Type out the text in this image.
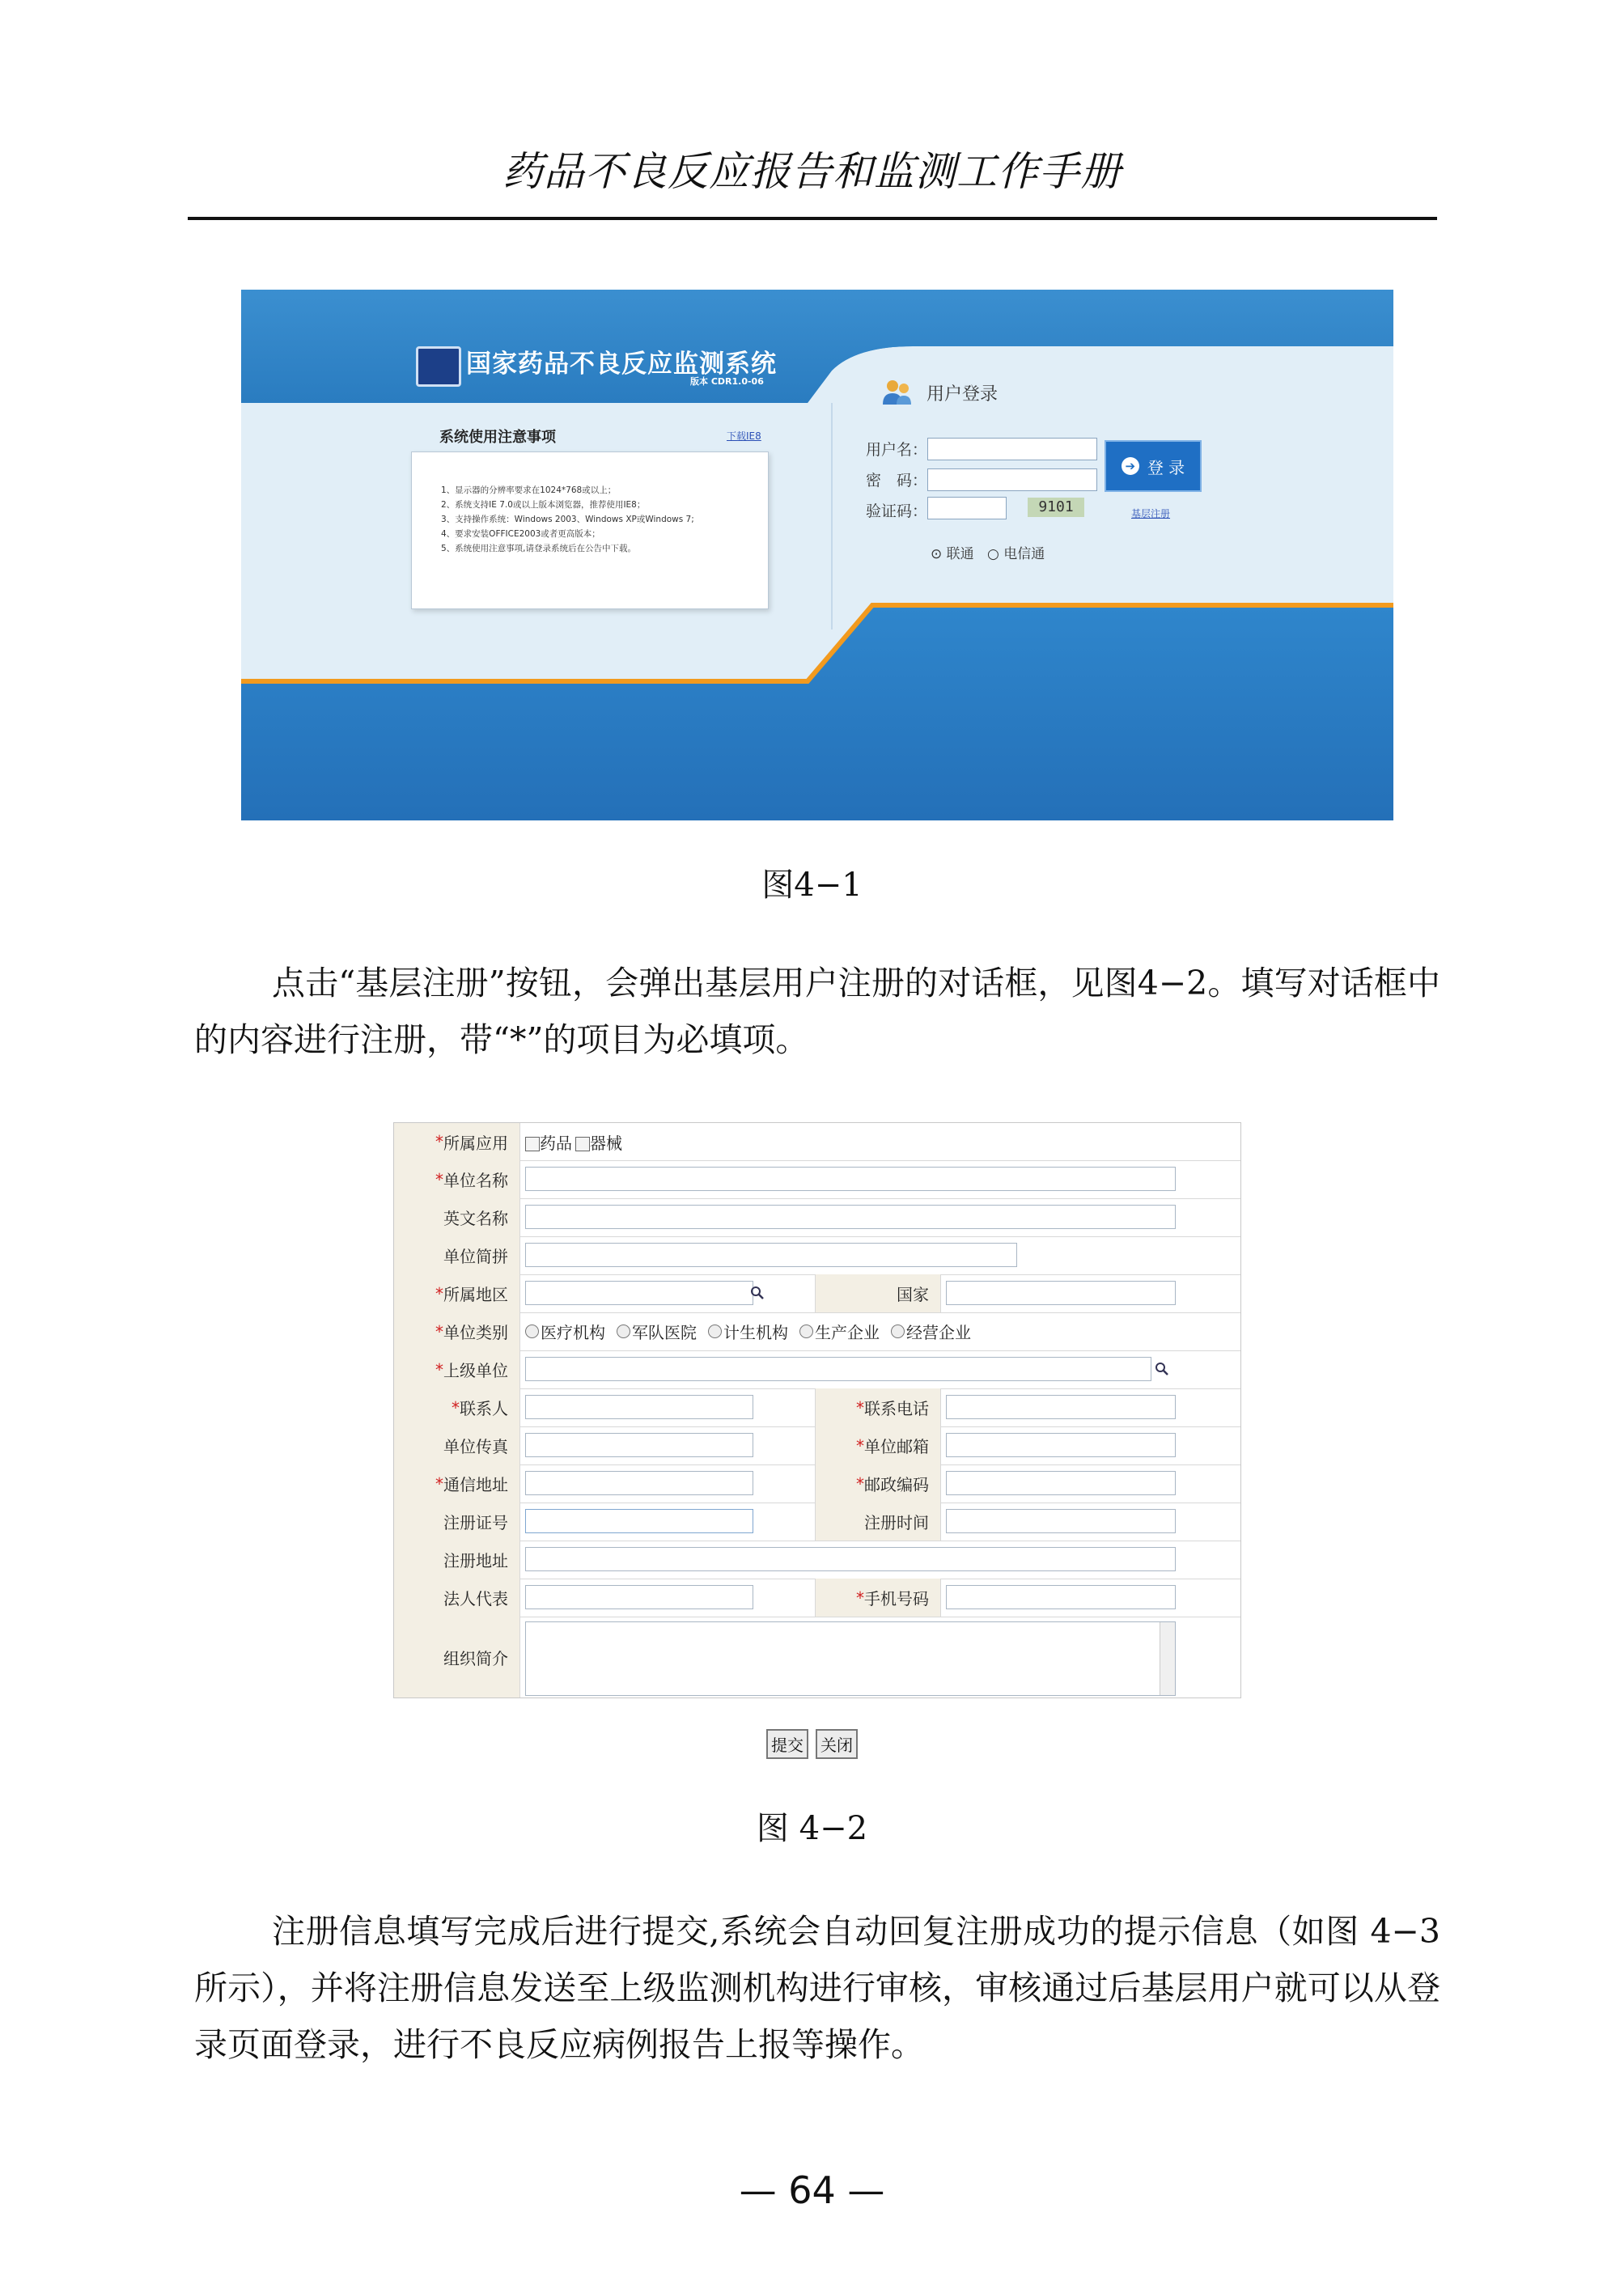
药品不良反应报告和监测工作手册
国家药品不良反应监测系统
版本 CDR1.0-06
系统使用注意事项	下载IE8
1、显示器的分辨率要求在1024*768或以上；
2、系统支持IE 7.0或以上版本浏览器，推荐使用IE8；
3、支持操作系统：Windows 2003、Windows XP或Windows 7;
4、要求安装OFFICE2003或者更高版本；
5、系统使用注意事项,请登录系统后在公告中下载。
用户登录
用户名：
密　码：
验证码：	9101
➔ 登 录
基层注册
⊙ 联通 ○ 电信通
图4−1

点击“基层注册”按钮，会弹出基层用户注册的对话框，见图4−2。填写对话框中的内容进行注册，带“*”的项目为必填项。

* 所属应用	药品	器械
* 单位名称
英文名称
单位简拼
* 所属地区	国家
* 单位类别 医疗机构 军队医院 计生机构 生产企业 经营企业
* 上级单位
* 联系人	* 联系电话
单位传真	* 单位邮箱
* 通信地址	* 邮政编码
注册证号	注册时间
注册地址
法人代表	* 手机号码
组织简介
提交 关闭
图 4−2

注册信息填写完成后进行提交,系统会自动回复注册成功的提示信息（如图 4−3 所示），并将注册信息发送至上级监测机构进行审核，审核通过后基层用户就可以从登录页面登录，进行不良反应病例报告上报等操作。

— 64 —
